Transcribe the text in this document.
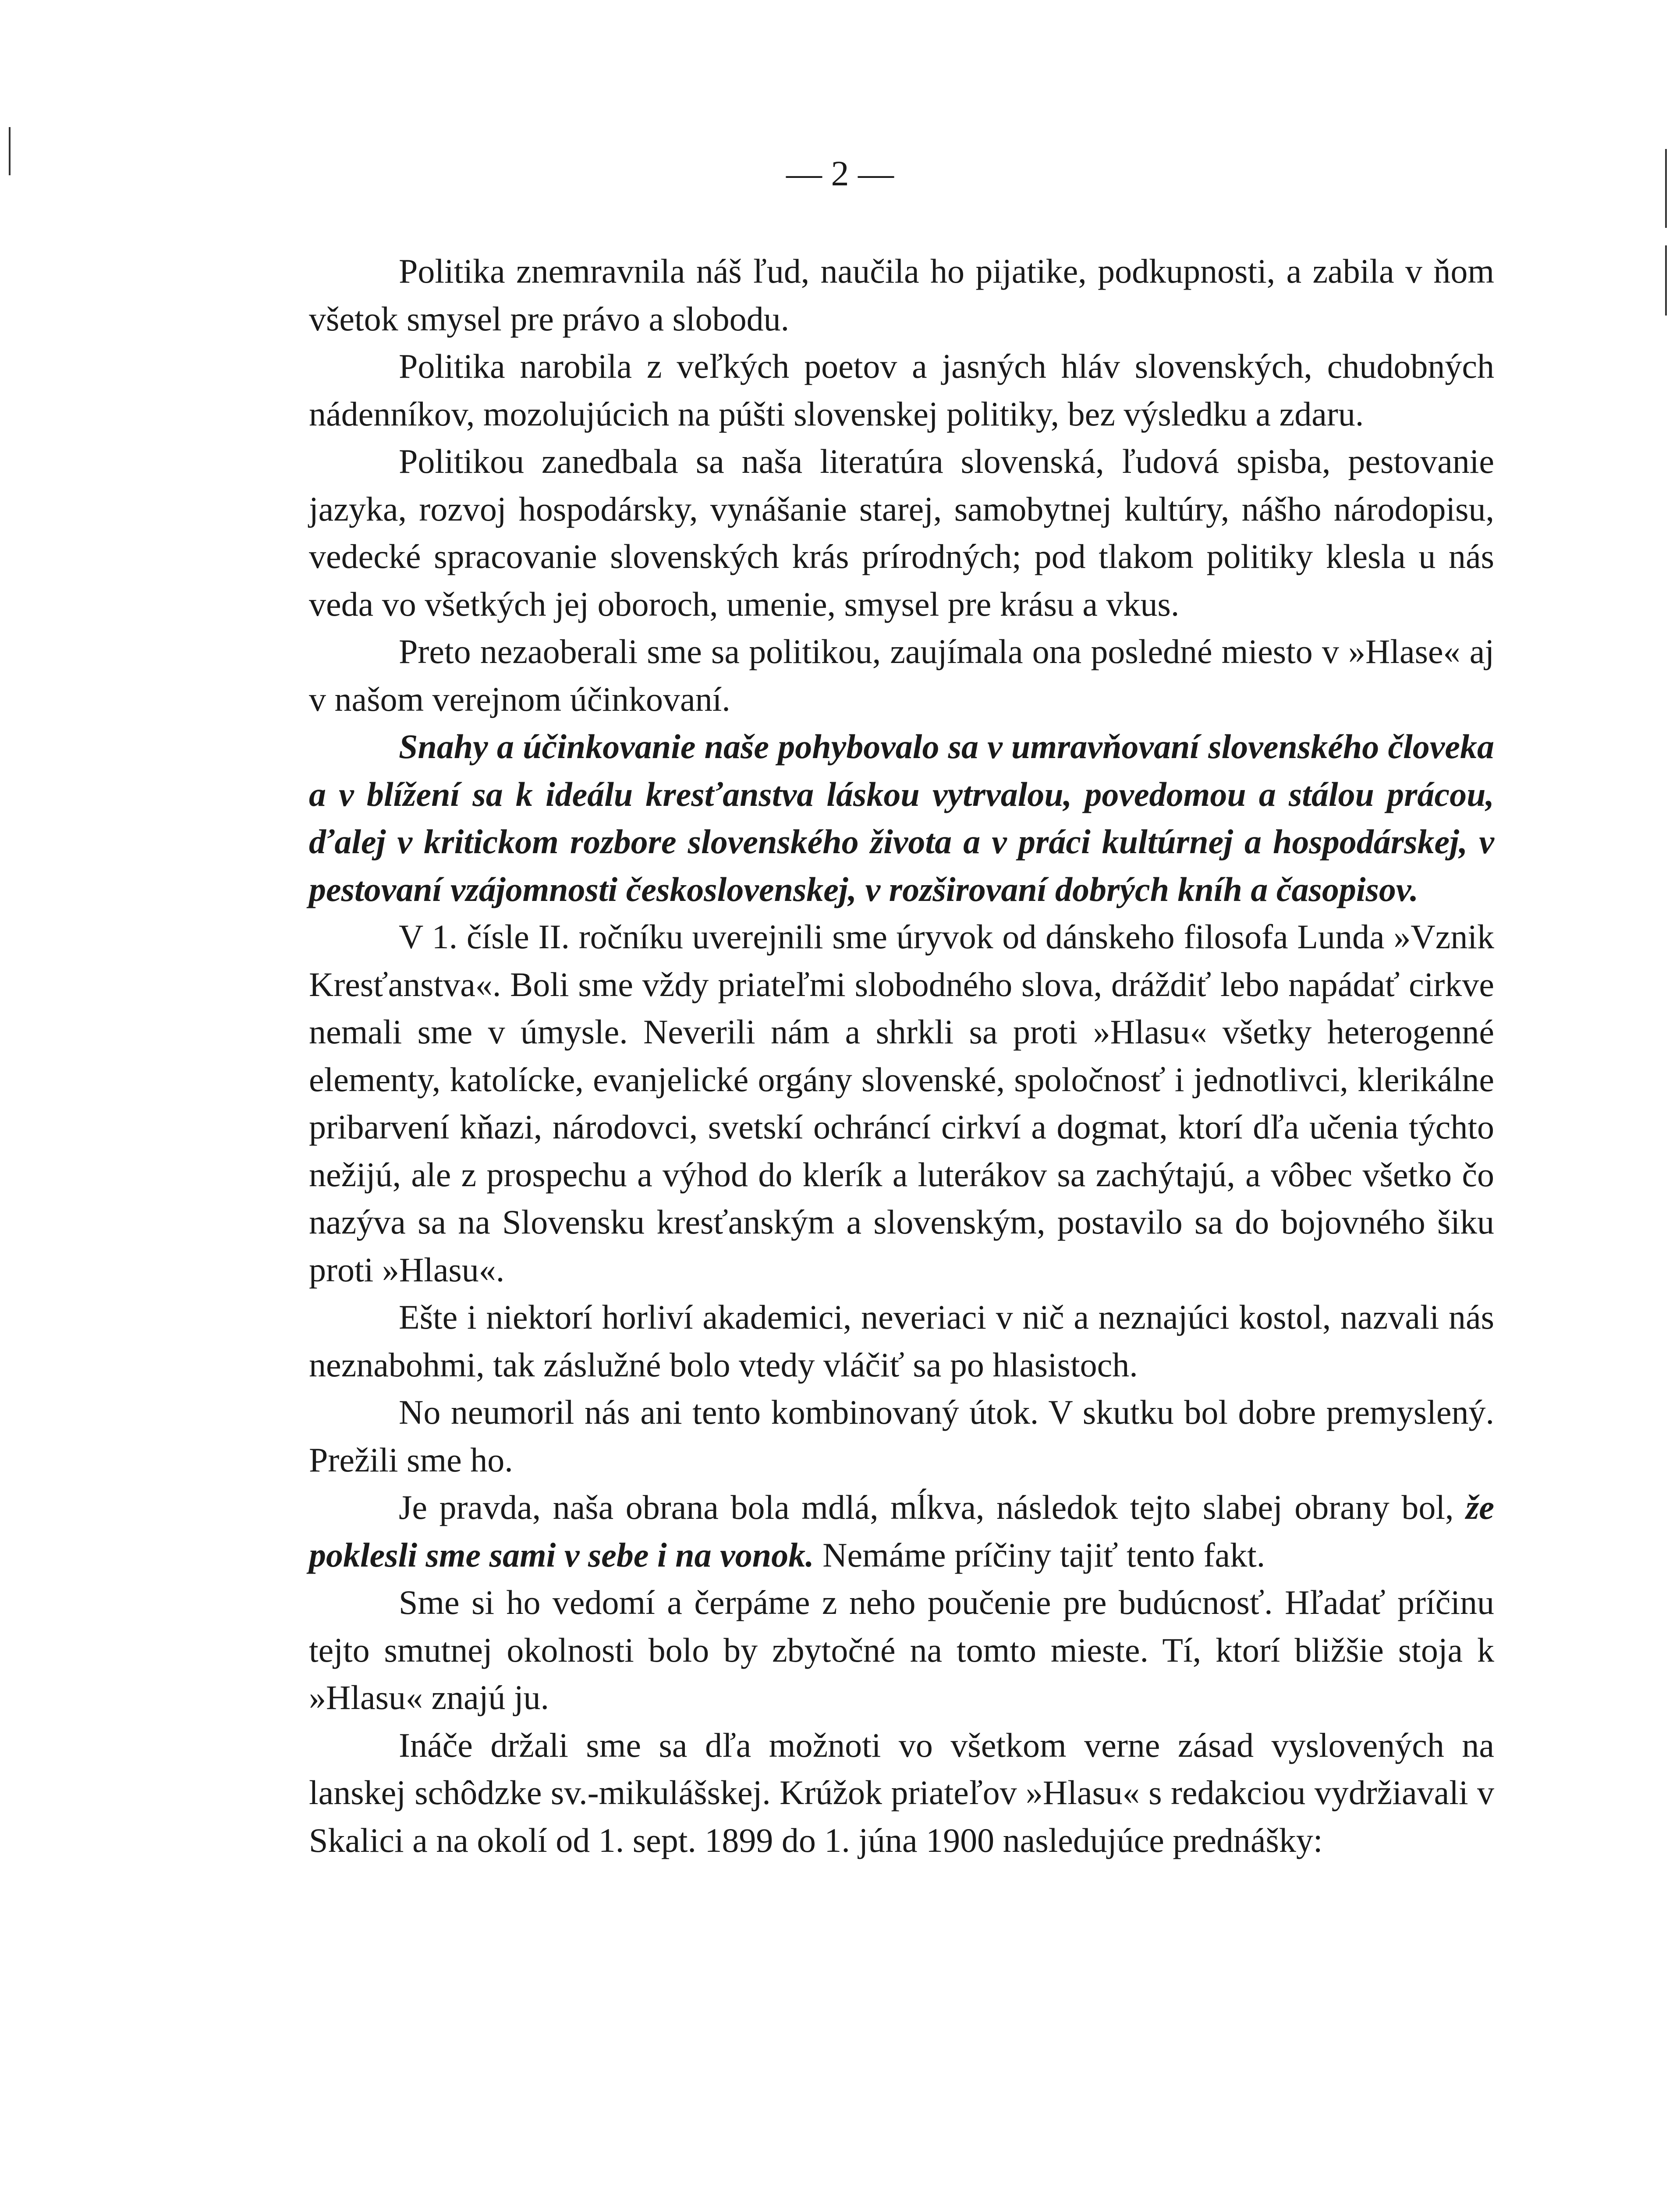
— 2 —

Politika znemravnila náš ľud, naučila ho pijatike, podkupnosti, a zabila v ňom všetok smysel pre právo a slobodu.

Politika narobila z veľkých poetov a jasných hláv slovenských, chudobných nádenníkov, mozolujúcich na púšti slovenskej politiky, bez výsledku a zdaru.

Politikou zanedbala sa naša literatúra slovenská, ľudová spisba, pestovanie jazyka, rozvoj hospodársky, vynášanie starej, samobytnej kultúry, nášho národopisu, vedecké spracovanie slovenských krás prírodných; pod tlakom politiky klesla u nás veda vo všetkých jej oboroch, umenie, smysel pre krásu a vkus.

Preto nezaoberali sme sa politikou, zaujímala ona posledné miesto v »Hlase« aj v našom verejnom účinkovaní.

Snahy a účinkovanie naše pohybovalo sa v umravňovaní slovenského človeka a v blížení sa k ideálu kresťanstva láskou vytrvalou, povedomou a stálou prácou, ďalej v kritickom rozbore slovenského života a v práci kultúrnej a hospodárskej, v pestovaní vzájomnosti československej, v rozširovaní dobrých kníh a časopisov.

V 1. čísle II. ročníku uverejnili sme úryvok od dánskeho filosofa Lunda »Vznik Kresťanstva«. Boli sme vždy priateľmi slobodného slova, dráždiť lebo napádať cirkve nemali sme v úmysle. Neverili nám a shrkli sa proti »Hlasu« všetky heterogenné elementy, katolícke, evanjelické orgány slovenské, spoločnosť i jednotlivci, klerikálne pribarvení kňazi, národovci, svetskí ochráncí cirkví a dogmat, ktorí dľa učenia týchto nežijú, ale z prospechu a výhod do klerík a luterákov sa zachýtajú, a vôbec všetko čo nazýva sa na Slovensku kresťanským a slovenským, postavilo sa do bojovného šiku proti »Hlasu«.

Ešte i niektorí horliví akademici, neveriaci v nič a neznajúci kostol, nazvali nás neznabohmi, tak záslužné bolo vtedy vláčiť sa po hlasistoch.

No neumoril nás ani tento kombinovaný útok. V skutku bol dobre premyslený. Prežili sme ho.

Je pravda, naša obrana bola mdlá, mĺkva, následok tejto slabej obrany bol, že poklesli sme sami v sebe i na vonok. Nemáme príčiny tajiť tento fakt.

Sme si ho vedomí a čerpáme z neho poučenie pre budúcnosť. Hľadať príčinu tejto smutnej okolnosti bolo by zbytočné na tomto mieste. Tí, ktorí bližšie stoja k »Hlasu« znajú ju.

Ináče držali sme sa dľa možnoti vo všetkom verne zásad vyslovených na lanskej schôdzke sv.-mikulášskej. Krúžok priateľov »Hlasu« s redakciou vydržiavali v Skalici a na okolí od 1. sept. 1899 do 1. júna 1900 nasledujúce prednášky:
